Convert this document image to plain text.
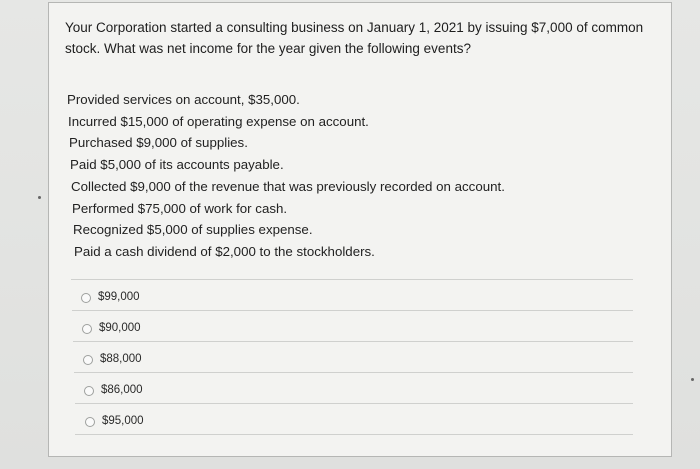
Your Corporation started a consulting business on January 1, 2021 by issuing $7,000 of common stock. What was net income for the year given the following events?

Provided services on account, $35,000.
Incurred $15,000 of operating expense on account.
Purchased $9,000 of supplies.
Paid $5,000 of its accounts payable.
Collected $9,000 of the revenue that was previously recorded on account.
Performed $75,000 of work for cash.
Recognized $5,000 of supplies expense.
Paid a cash dividend of $2,000 to the stockholders.
$99,000
$90,000
$88,000
$86,000
$95,000
